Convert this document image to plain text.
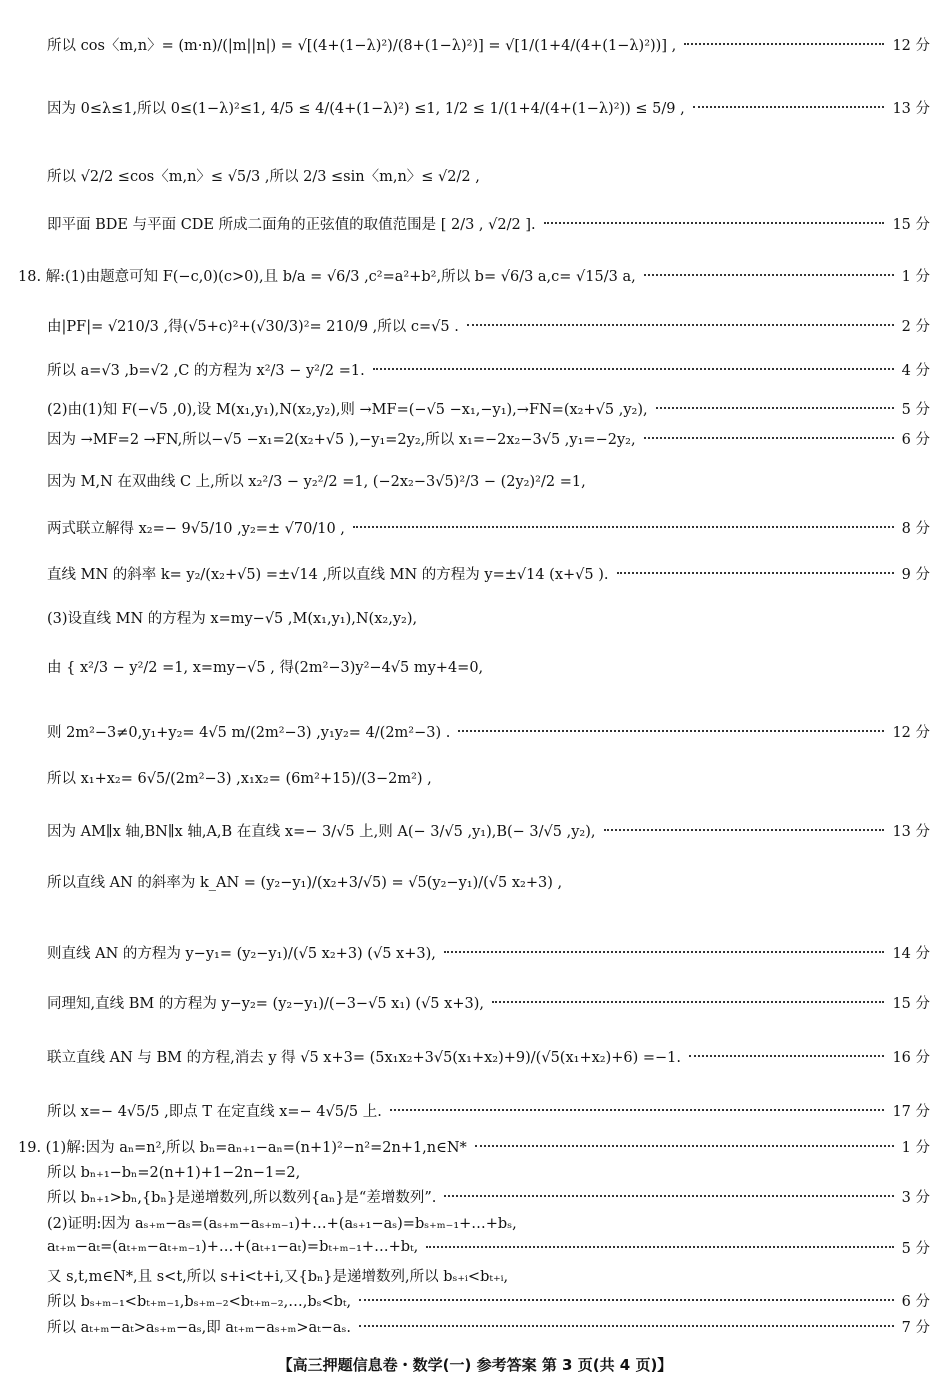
所以 cos〈m,n〉= (m·n)/(|m||n|) = √[(4+(1−λ)²)/(8+(1−λ)²)] = √[1/(1+4/(4+(1−λ)²))] ,	12 分
因为 0≤λ≤1,所以 0≤(1−λ)²≤1, 4/5 ≤ 4/(4+(1−λ)²) ≤1, 1/2 ≤ 1/(1+4/(4+(1−λ)²)) ≤ 5/9 ,	13 分
所以 √2/2 ≤cos〈m,n〉≤ √5/3 ,所以 2/3 ≤sin〈m,n〉≤ √2/2 ,
即平面 BDE 与平面 CDE 所成二面角的正弦值的取值范围是 [ 2/3 , √2/2 ].	15 分
18. 解:(1)由题意可知 F(−c,0)(c>0),且 b/a = √6/3 ,c²=a²+b²,所以 b= √6/3 a,c= √15/3 a,	1 分
由|PF|= √210/3 ,得(√5+c)²+(√30/3)²= 210/9 ,所以 c=√5 .	2 分
所以 a=√3 ,b=√2 ,C 的方程为 x²/3 − y²/2 =1.	4 分
(2)由(1)知 F(−√5 ,0),设 M(x₁,y₁),N(x₂,y₂),则 →MF=(−√5 −x₁,−y₁),→FN=(x₂+√5 ,y₂),	5 分
因为 →MF=2 →FN,所以−√5 −x₁=2(x₂+√5 ),−y₁=2y₂,所以 x₁=−2x₂−3√5 ,y₁=−2y₂,	6 分
因为 M,N 在双曲线 C 上,所以 x₂²/3 − y₂²/2 =1, (−2x₂−3√5)²/3 − (2y₂)²/2 =1,
两式联立解得 x₂=− 9√5/10 ,y₂=± √70/10 ,	8 分
直线 MN 的斜率 k= y₂/(x₂+√5) =±√14 ,所以直线 MN 的方程为 y=±√14 (x+√5 ).	9 分
(3)设直线 MN 的方程为 x=my−√5 ,M(x₁,y₁),N(x₂,y₂),
由 { x²/3 − y²/2 =1, x=my−√5 , 得(2m²−3)y²−4√5 my+4=0,
则 2m²−3≠0,y₁+y₂= 4√5 m/(2m²−3) ,y₁y₂= 4/(2m²−3) .	12 分
所以 x₁+x₂= 6√5/(2m²−3) ,x₁x₂= (6m²+15)/(3−2m²) ,
因为 AM∥x 轴,BN∥x 轴,A,B 在直线 x=− 3/√5 上,则 A(− 3/√5 ,y₁),B(− 3/√5 ,y₂),	13 分
所以直线 AN 的斜率为 k_AN = (y₂−y₁)/(x₂+3/√5) = √5(y₂−y₁)/(√5 x₂+3) ,
则直线 AN 的方程为 y−y₁= (y₂−y₁)/(√5 x₂+3) (√5 x+3),	14 分
同理知,直线 BM 的方程为 y−y₂= (y₂−y₁)/(−3−√5 x₁) (√5 x+3),	15 分
联立直线 AN 与 BM 的方程,消去 y 得 √5 x+3= (5x₁x₂+3√5(x₁+x₂)+9)/(√5(x₁+x₂)+6) =−1.	16 分
所以 x=− 4√5/5 ,即点 T 在定直线 x=− 4√5/5 上.	17 分
19. (1)解:因为 aₙ=n²,所以 bₙ=aₙ₊₁−aₙ=(n+1)²−n²=2n+1,n∈N*	1 分
所以 bₙ₊₁−bₙ=2(n+1)+1−2n−1=2,
所以 bₙ₊₁>bₙ,{bₙ}是递增数列,所以数列{aₙ}是“差增数列”.	3 分
(2)证明:因为 aₛ₊ₘ−aₛ=(aₛ₊ₘ−aₛ₊ₘ₋₁)+…+(aₛ₊₁−aₛ)=bₛ₊ₘ₋₁+…+bₛ,
aₜ₊ₘ−aₜ=(aₜ₊ₘ−aₜ₊ₘ₋₁)+…+(aₜ₊₁−aₜ)=bₜ₊ₘ₋₁+…+bₜ,	5 分
又 s,t,m∈N*,且 s<t,所以 s+i<t+i,又{bₙ}是递增数列,所以 bₛ₊ᵢ<bₜ₊ᵢ,
所以 bₛ₊ₘ₋₁<bₜ₊ₘ₋₁,bₛ₊ₘ₋₂<bₜ₊ₘ₋₂,…,bₛ<bₜ,	6 分
所以 aₜ₊ₘ−aₜ>aₛ₊ₘ−aₛ,即 aₜ₊ₘ−aₛ₊ₘ>aₜ−aₛ.	7 分
【高三押题信息卷・数学(一) 参考答案 第 3 页(共 4 页)】
